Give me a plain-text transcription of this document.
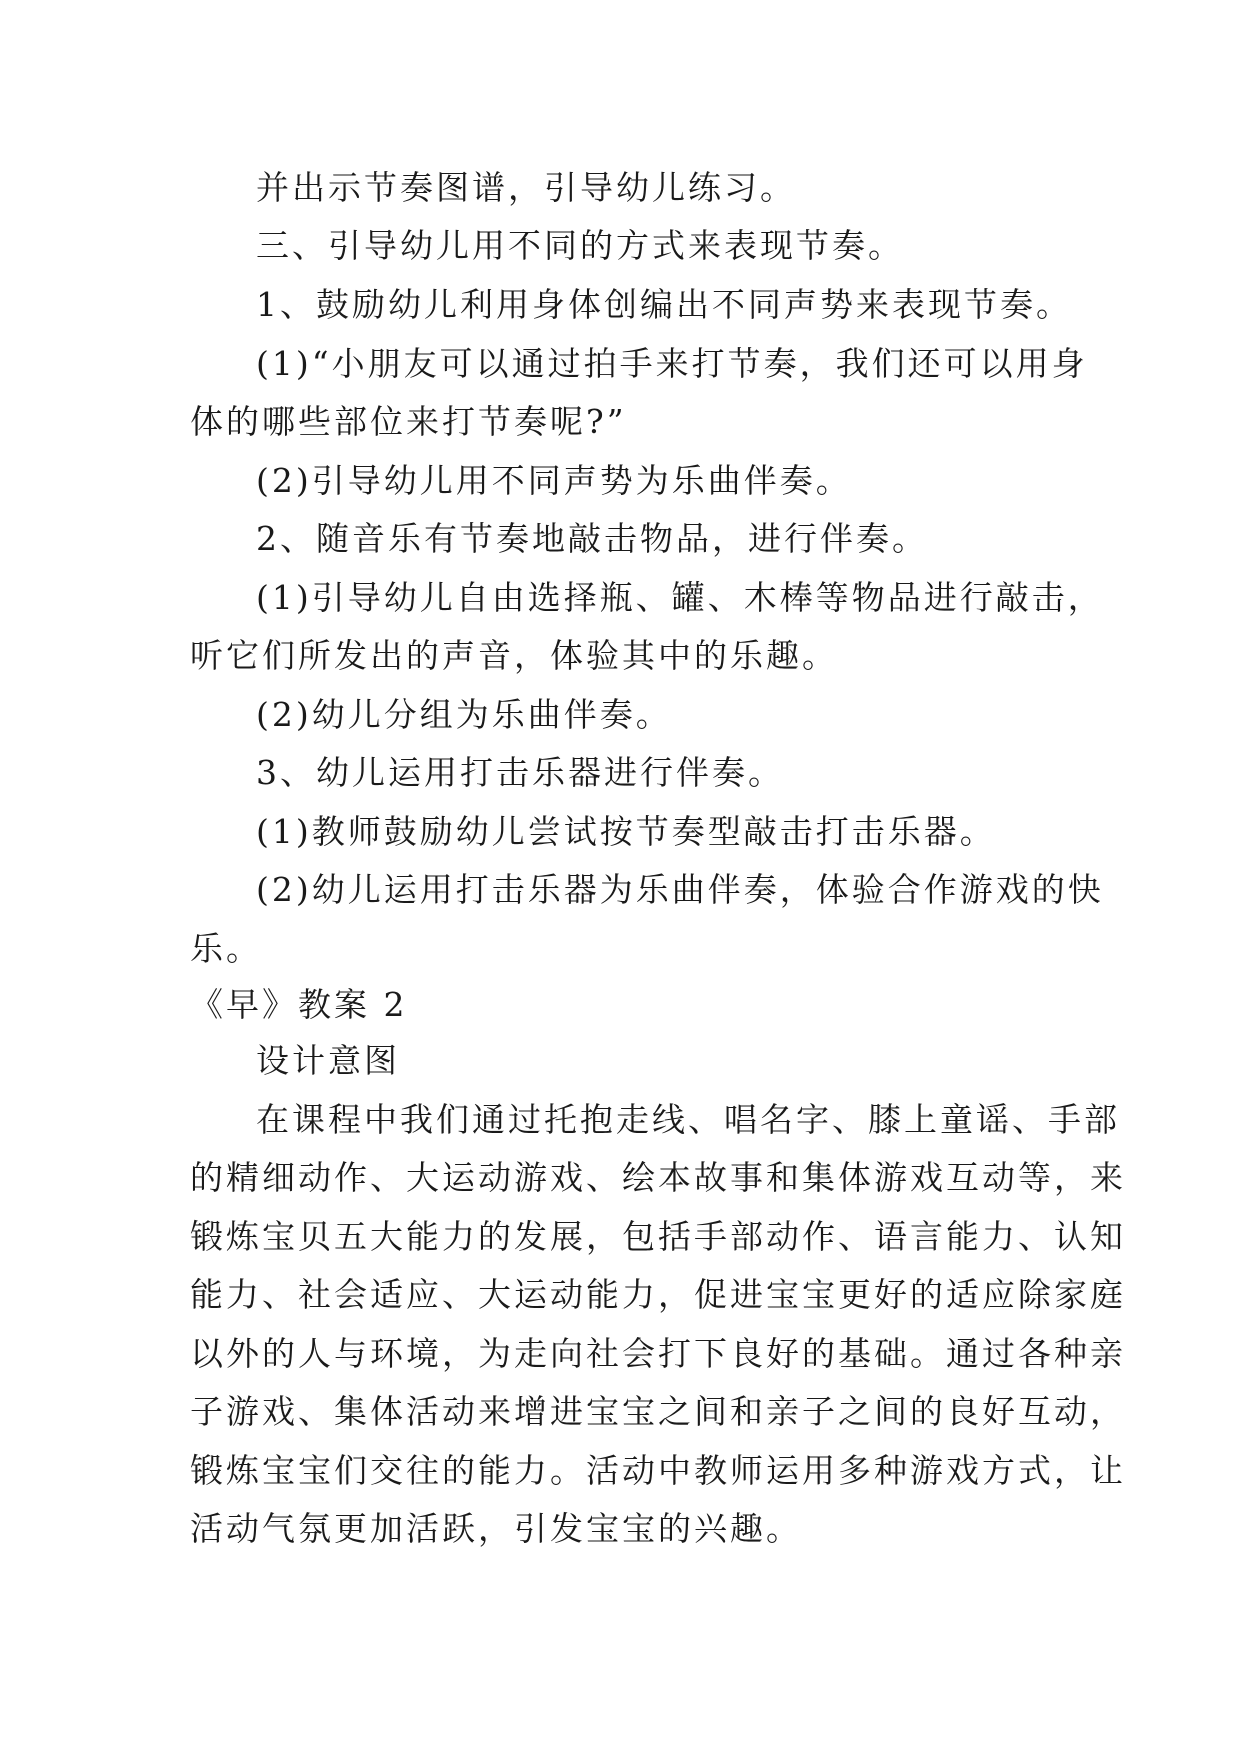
并出示节奏图谱，引导幼儿练习。
三、引导幼儿用不同的方式来表现节奏。
1、鼓励幼儿利用身体创编出不同声势来表现节奏。
(1)“小朋友可以通过拍手来打节奏，我们还可以用身
体的哪些部位来打节奏呢?”
(2)引导幼儿用不同声势为乐曲伴奏。
2、随音乐有节奏地敲击物品，进行伴奏。
(1)引导幼儿自由选择瓶、罐、木棒等物品进行敲击，
听它们所发出的声音，体验其中的乐趣。
(2)幼儿分组为乐曲伴奏。
3、幼儿运用打击乐器进行伴奏。
(1)教师鼓励幼儿尝试按节奏型敲击打击乐器。
(2)幼儿运用打击乐器为乐曲伴奏，体验合作游戏的快
乐。
《早》教案 2
设计意图
在课程中我们通过托抱走线、唱名字、膝上童谣、手部
的精细动作、大运动游戏、绘本故事和集体游戏互动等，来
锻炼宝贝五大能力的发展，包括手部动作、语言能力、认知
能力、社会适应、大运动能力，促进宝宝更好的适应除家庭
以外的人与环境，为走向社会打下良好的基础。通过各种亲
子游戏、集体活动来增进宝宝之间和亲子之间的良好互动，
锻炼宝宝们交往的能力。活动中教师运用多种游戏方式，让
活动气氛更加活跃，引发宝宝的兴趣。
